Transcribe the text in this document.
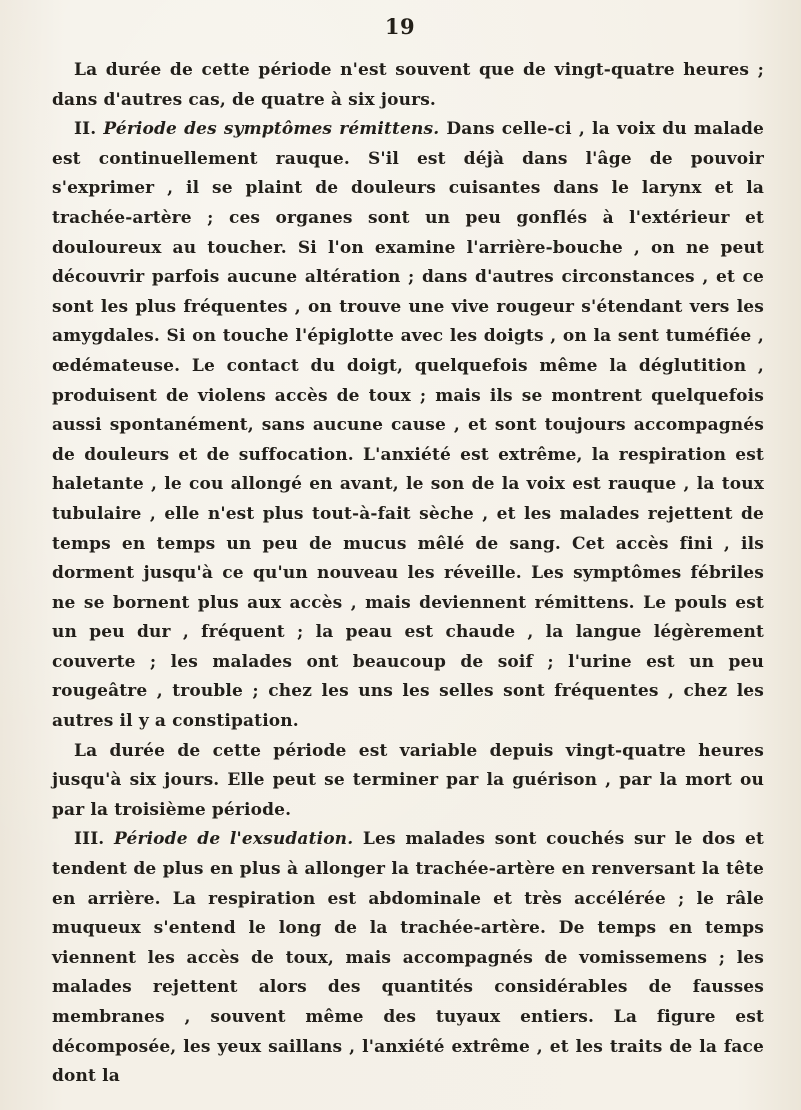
19

La durée de cette période n'est souvent que de vingt-quatre heures ; dans d'autres cas, de quatre à six jours.

II. Période des symptômes rémittens. Dans celle-ci , la voix du malade est continuellement rauque. S'il est déjà dans l'âge de pouvoir s'exprimer , il se plaint de douleurs cuisantes dans le larynx et la trachée-artère ; ces organes sont un peu gonflés à l'extérieur et douloureux au toucher. Si l'on examine l'arrière-bouche , on ne peut découvrir parfois aucune altération ; dans d'autres circonstances , et ce sont les plus fréquentes , on trouve une vive rougeur s'étendant vers les amygdales. Si on touche l'épiglotte avec les doigts , on la sent tuméfiée , œdémateuse. Le contact du doigt, quelquefois même la déglutition , produisent de violens accès de toux ; mais ils se montrent quelquefois aussi spontanément, sans aucune cause , et sont toujours accompagnés de douleurs et de suffocation. L'anxiété est extrême, la respiration est haletante , le cou allongé en avant, le son de la voix est rauque , la toux tubulaire , elle n'est plus tout-à-fait sèche , et les malades rejettent de temps en temps un peu de mucus mêlé de sang. Cet accès fini , ils dorment jusqu'à ce qu'un nouveau les réveille. Les symptômes fébriles ne se bornent plus aux accès , mais deviennent rémittens. Le pouls est un peu dur , fréquent ; la peau est chaude , la langue légèrement couverte ; les malades ont beaucoup de soif ; l'urine est un peu rougeâtre , trouble ; chez les uns les selles sont fréquentes , chez les autres il y a constipation.

La durée de cette période est variable depuis vingt-quatre heures jusqu'à six jours. Elle peut se terminer par la guérison , par la mort ou par la troisième période.

III. Période de l'exsudation. Les malades sont couchés sur le dos et tendent de plus en plus à allonger la trachée-artère en renversant la tête en arrière. La respiration est abdominale et très accélérée ; le râle muqueux s'entend le long de la trachée-artère. De temps en temps viennent les accès de toux, mais accompagnés de vomissemens ; les malades rejettent alors des quantités considérables de fausses membranes , souvent même des tuyaux entiers. La figure est décomposée, les yeux saillans , l'anxiété extrême , et les traits de la face dont la
